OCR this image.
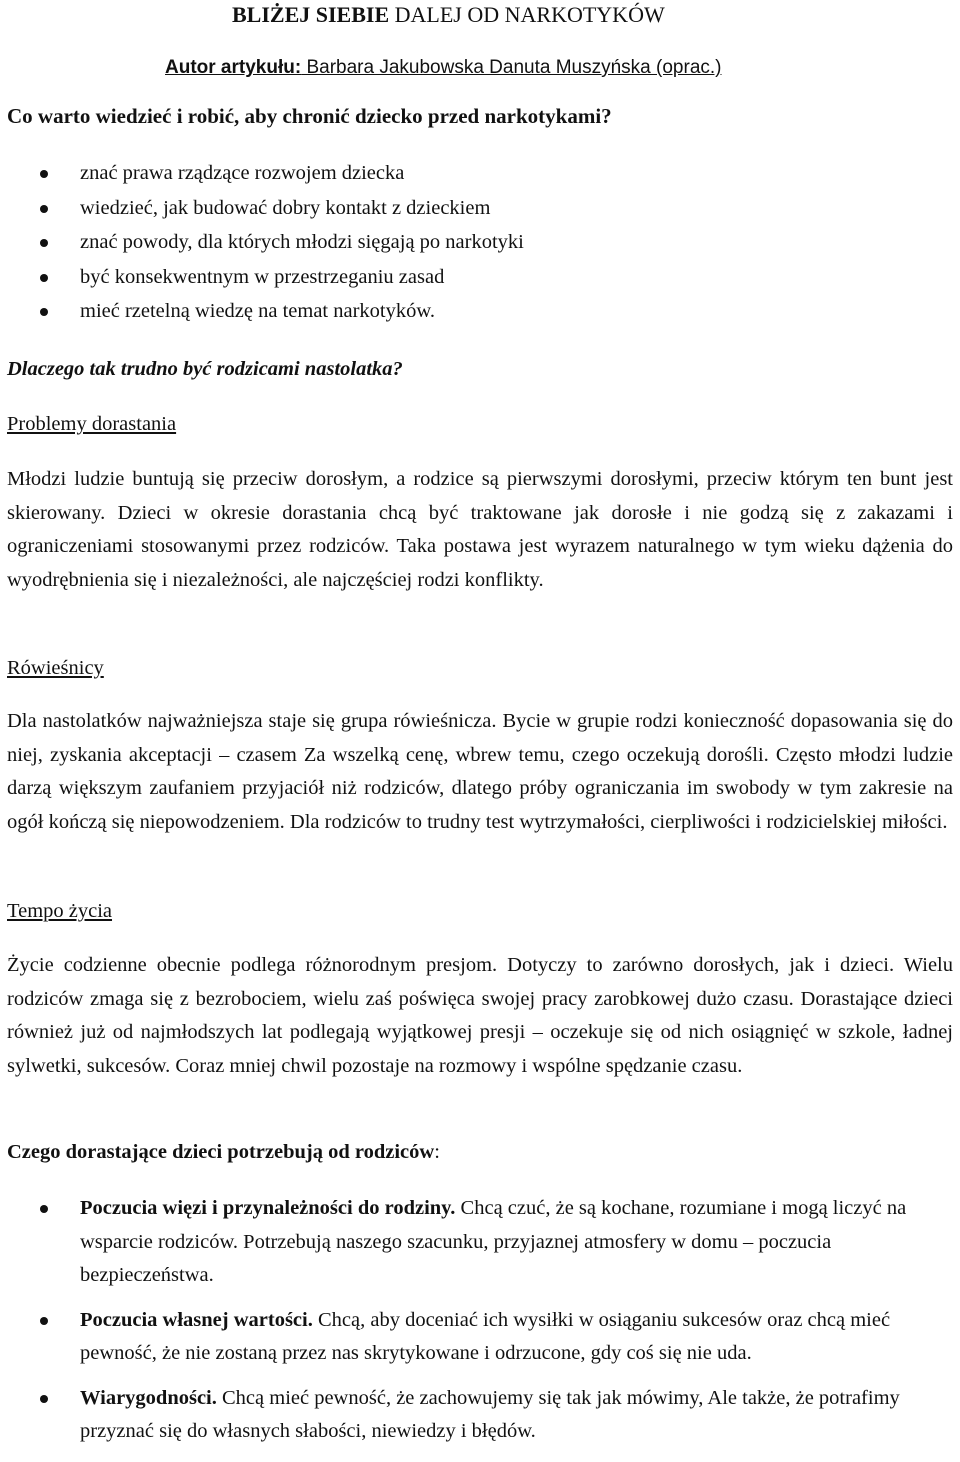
BLIŻEJ SIEBIE DALEJ OD NARKOTYKÓW
Autor artykułu: Barbara Jakubowska Danuta Muszyńska (oprac.)
Co warto wiedzieć i robić, aby chronić dziecko przed narkotykami?
znać prawa rządzące rozwojem dziecka
wiedzieć, jak budować dobry kontakt z dzieckiem
znać powody, dla których młodzi sięgają po narkotyki
być konsekwentnym w przestrzeganiu zasad
mieć rzetelną wiedzę na temat narkotyków.
Dlaczego tak trudno być rodzicami nastolatka?
Problemy dorastania

Młodzi ludzie buntują się przeciw dorosłym, a rodzice są pierwszymi dorosłymi, przeciw którym ten bunt jest skierowany. Dzieci w okresie dorastania chcą być traktowane jak dorosłe i nie godzą się z zakazami i ograniczeniami stosowanymi przez rodziców. Taka postawa jest wyrazem naturalnego w tym wieku dążenia do wyodrębnienia się i niezależności, ale najczęściej rodzi konflikty.

Rówieśnicy

Dla nastolatków najważniejsza staje się grupa rówieśnicza. Bycie w grupie rodzi konieczność dopasowania się do niej, zyskania akceptacji – czasem Za wszelką cenę, wbrew temu, czego oczekują dorośli. Często młodzi ludzie darzą większym zaufaniem przyjaciół niż rodziców, dlatego próby ograniczania im swobody w tym zakresie na ogół kończą się niepowodzeniem. Dla rodziców to trudny test wytrzymałości, cierpliwości i rodzicielskiej miłości.

Tempo życia

Życie codzienne obecnie podlega różnorodnym presjom. Dotyczy to zarówno dorosłych, jak i dzieci. Wielu rodziców zmaga się z bezrobociem, wielu zaś poświęca swojej pracy zarobkowej dużo czasu. Dorastające dzieci również już od najmłodszych lat podlegają wyjątkowej presji – oczekuje się od nich osiągnięć w szkole, ładnej sylwetki, sukcesów. Coraz mniej chwil pozostaje na rozmowy i wspólne spędzanie czasu.

Czego dorastające dzieci potrzebują od rodziców:
Poczucia więzi i przynależności do rodziny. Chcą czuć, że są kochane, rozumiane i mogą liczyć na wsparcie rodziców. Potrzebują naszego szacunku, przyjaznej atmosfery w domu – poczucia bezpieczeństwa.
Poczucia własnej wartości. Chcą, aby doceniać ich wysiłki w osiąganiu sukcesów oraz chcą mieć pewność, że nie zostaną przez nas skrytykowane i odrzucone, gdy coś się nie uda.
Wiarygodności. Chcą mieć pewność, że zachowujemy się tak jak mówimy, Ale także, że potrafimy przyznać się do własnych słabości, niewiedzy i błędów.
